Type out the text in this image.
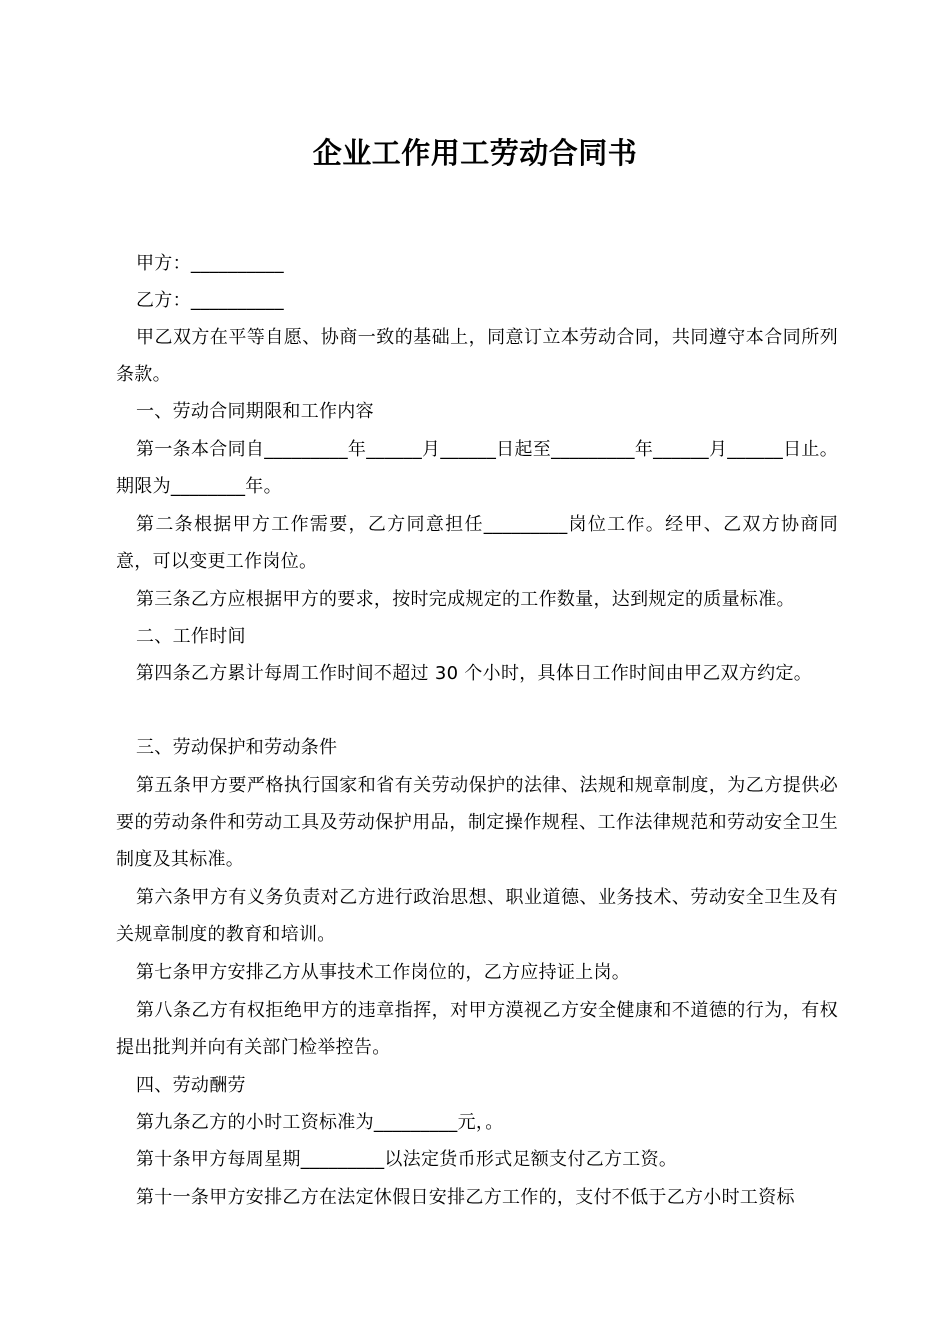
企业工作用工劳动合同书

甲方：__________

乙方：__________

甲乙双方在平等自愿、协商一致的基础上，同意订立本劳动合同，共同遵守本合同所列条款。

一、劳动合同期限和工作内容

第一条本合同自_________年______月______日起至_________年______月______日止。期限为________年。

第二条根据甲方工作需要，乙方同意担任_________岗位工作。经甲、乙双方协商同意，可以变更工作岗位。

第三条乙方应根据甲方的要求，按时完成规定的工作数量，达到规定的质量标准。

二、工作时间

第四条乙方累计每周工作时间不超过 30 个小时，具体日工作时间由甲乙双方约定。

三、劳动保护和劳动条件

第五条甲方要严格执行国家和省有关劳动保护的法律、法规和规章制度，为乙方提供必要的劳动条件和劳动工具及劳动保护用品，制定操作规程、工作法律规范和劳动安全卫生制度及其标准。

第六条甲方有义务负责对乙方进行政治思想、职业道德、业务技术、劳动安全卫生及有关规章制度的教育和培训。

第七条甲方安排乙方从事技术工作岗位的，乙方应持证上岗。

第八条乙方有权拒绝甲方的违章指挥，对甲方漠视乙方安全健康和不道德的行为，有权提出批判并向有关部门检举控告。

四、劳动酬劳

第九条乙方的小时工资标准为_________元，。

第十条甲方每周星期_________以法定货币形式足额支付乙方工资。

第十一条甲方安排乙方在法定休假日安排乙方工作的，支付不低于乙方小时工资标
